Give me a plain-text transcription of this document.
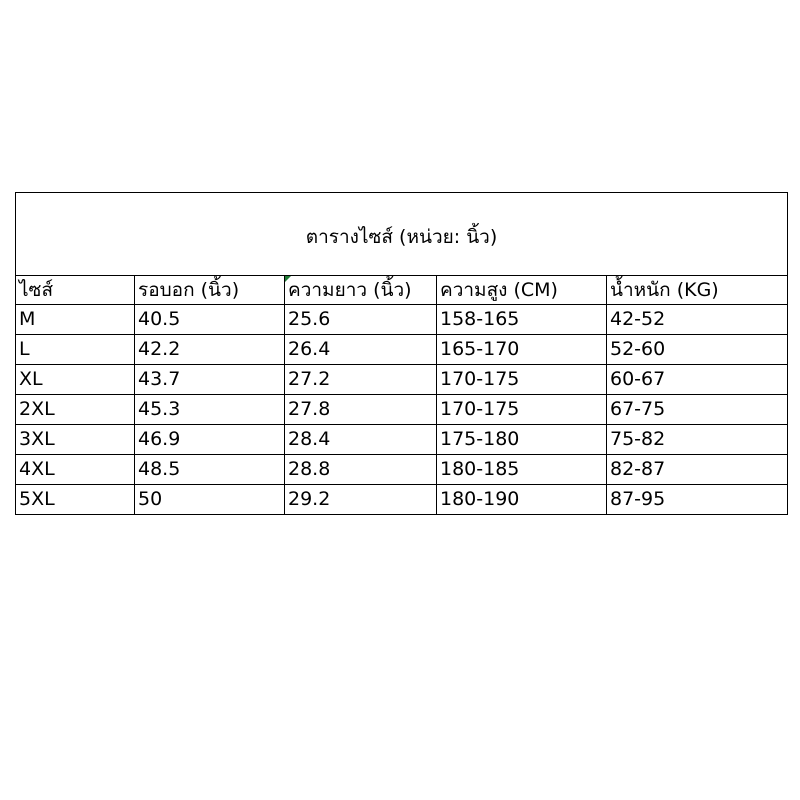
ตารางไซส์ (หน่วย: นิ้ว)				
ไซส์	รอบอก (นิ้ว)	ความยาว (นิ้ว)	ความสูง (CM)	น้ำหนัก (KG)
M	40.5	25.6	158-165	42-52
L	42.2	26.4	165-170	52-60
XL	43.7	27.2	170-175	60-67
2XL	45.3	27.8	170-175	67-75
3XL	46.9	28.4	175-180	75-82
4XL	48.5	28.8	180-185	82-87
5XL	50	29.2	180-190	87-95
